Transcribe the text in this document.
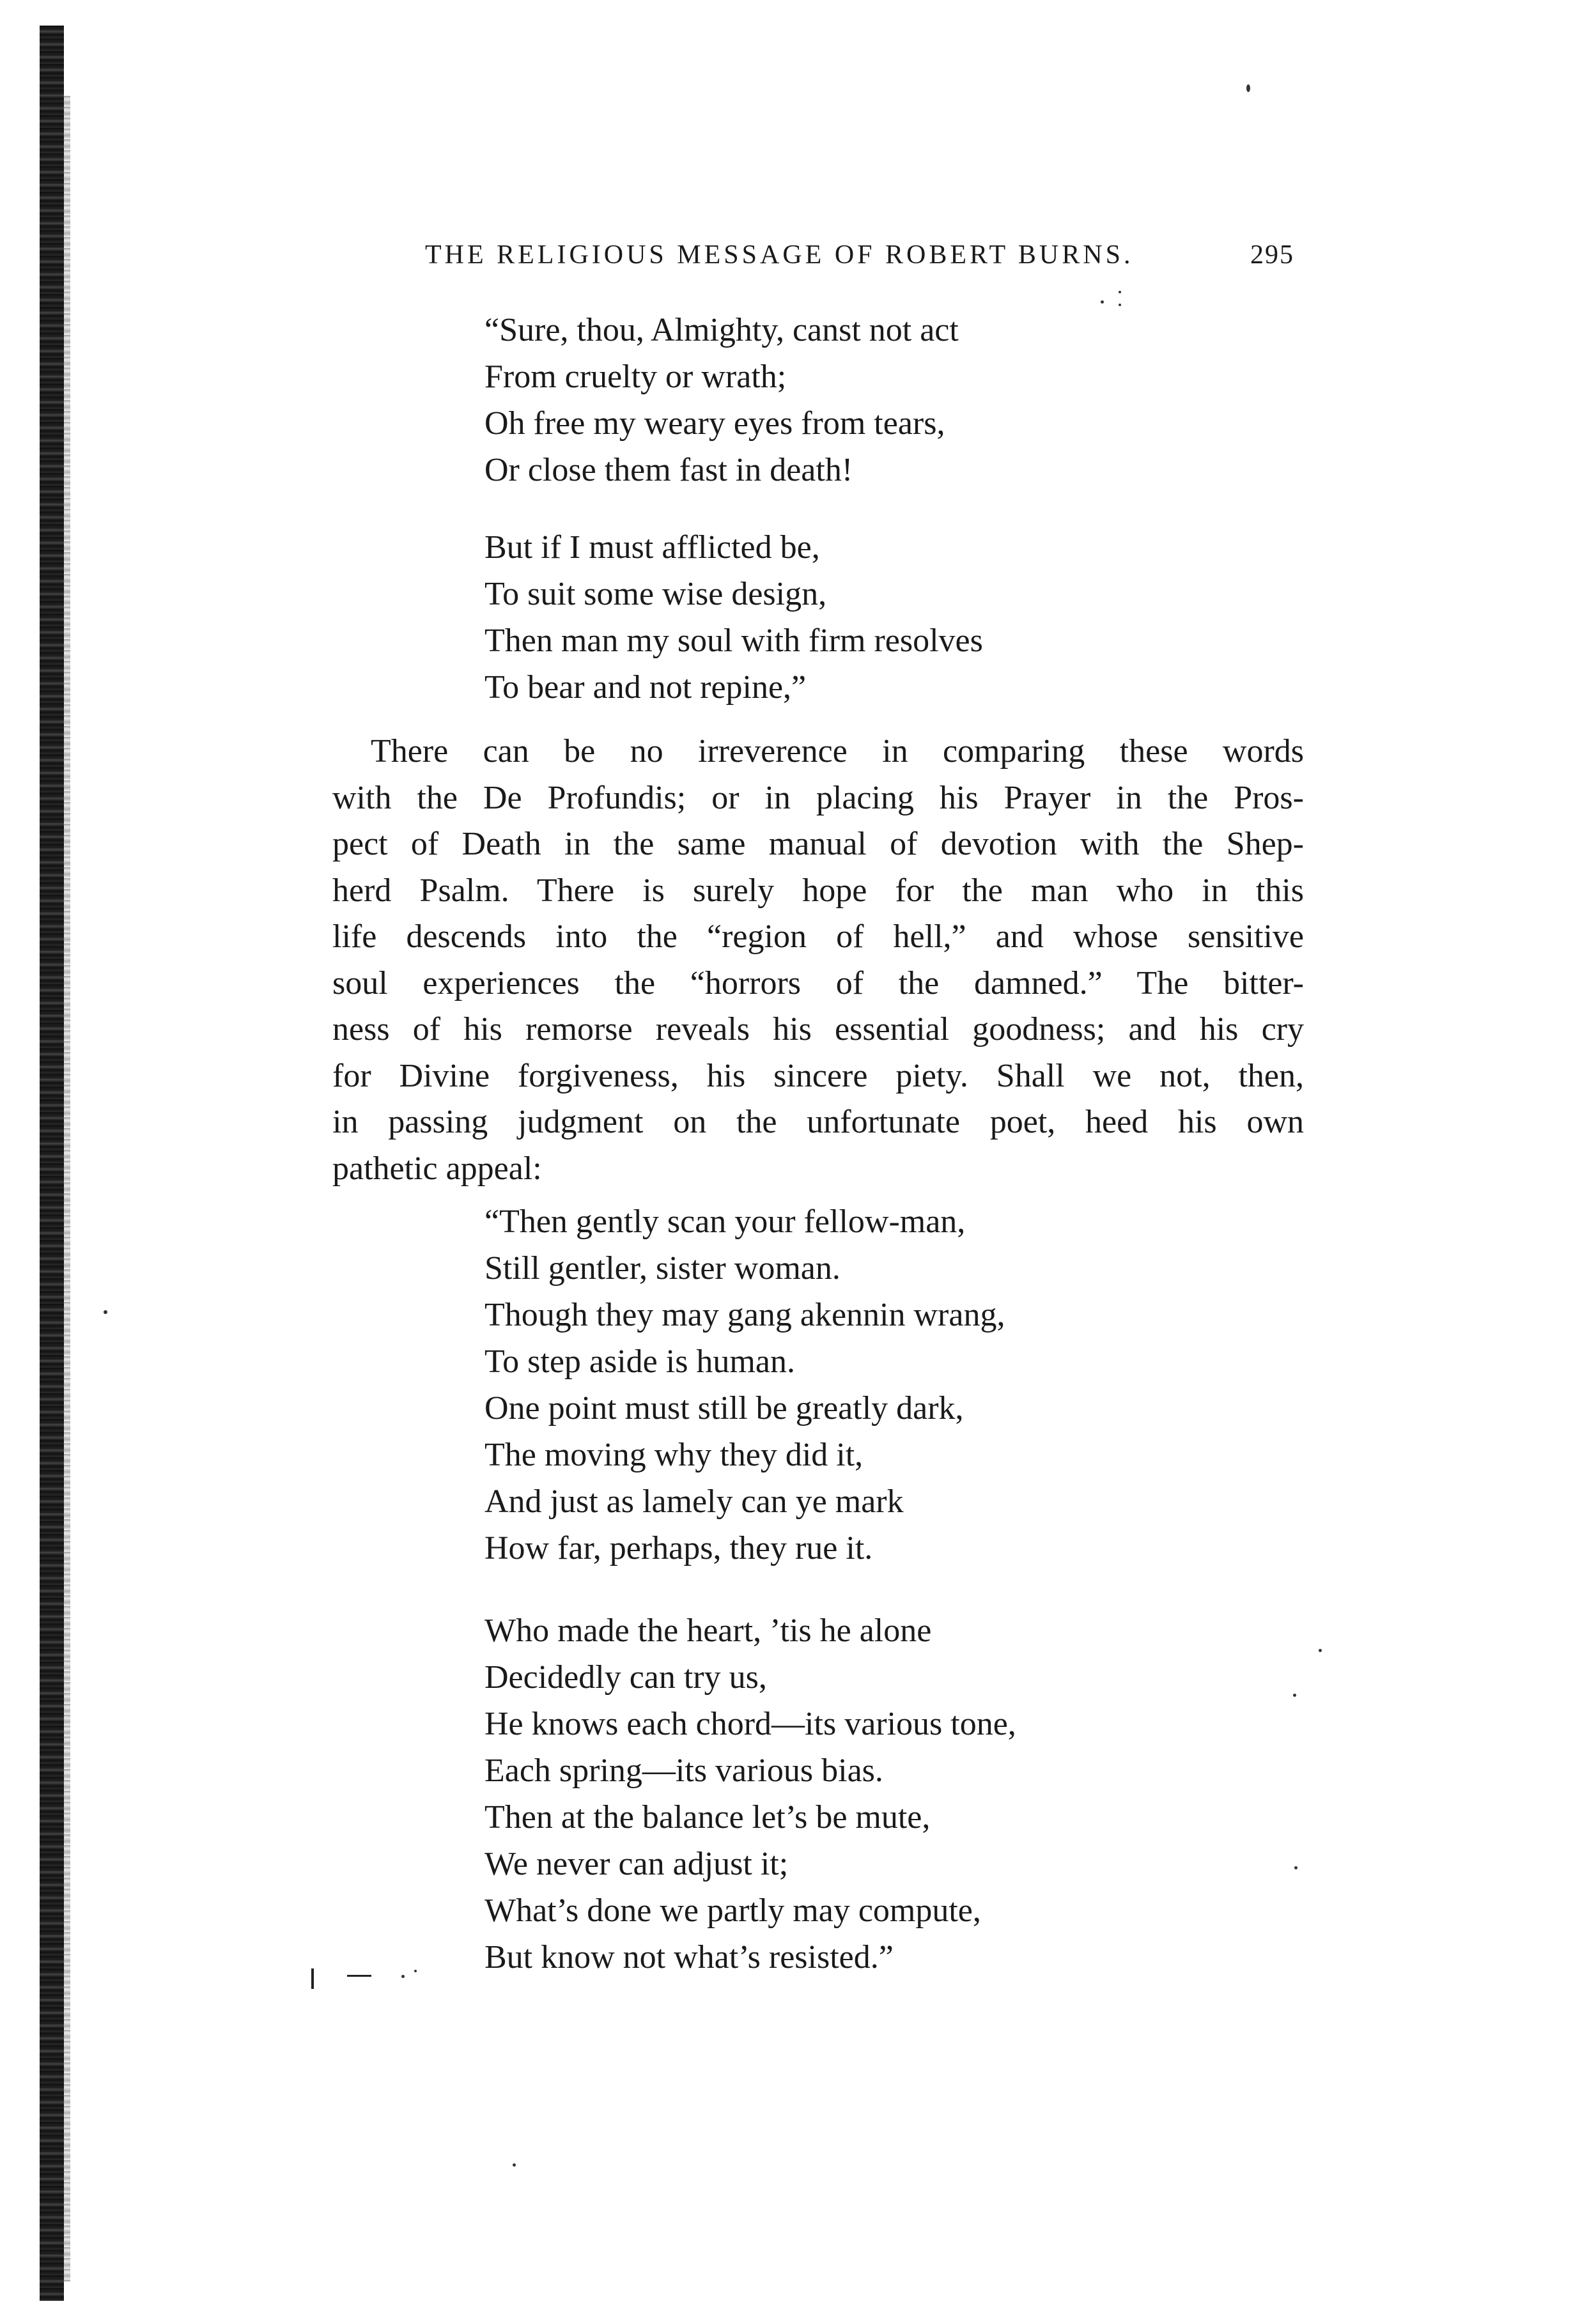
THE RELIGIOUS MESSAGE OF ROBERT BURNS.	295
“Sure, thou, Almighty, canst not act
From cruelty or wrath;
Oh free my weary eyes from tears,
Or close them fast in death!
But if I must afflicted be,
To suit some wise design,
Then man my soul with firm resolves
To bear and not repine,”
There can be no irreverence in comparing these words
with the De Profundis; or in placing his Prayer in the Pros-
pect of Death in the same manual of devotion with the Shep-
herd Psalm. There is surely hope for the man who in this
life descends into the “region of hell,” and whose sensitive
soul experiences the “horrors of the damned.” The bitter-
ness of his remorse reveals his essential goodness; and his cry
for Divine forgiveness, his sincere piety. Shall we not, then,
in passing judgment on the unfortunate poet, heed his own
pathetic appeal:
“Then gently scan your fellow-man,
Still gentler, sister woman.
Though they may gang akennin wrang,
To step aside is human.
One point must still be greatly dark,
The moving why they did it,
And just as lamely can ye mark
How far, perhaps, they rue it.
Who made the heart, ’tis he alone
Decidedly can try us,
He knows each chord—its various tone,
Each spring—its various bias.
Then at the balance let’s be mute,
We never can adjust it;
What’s done we partly may compute,
But know not what’s resisted.”
